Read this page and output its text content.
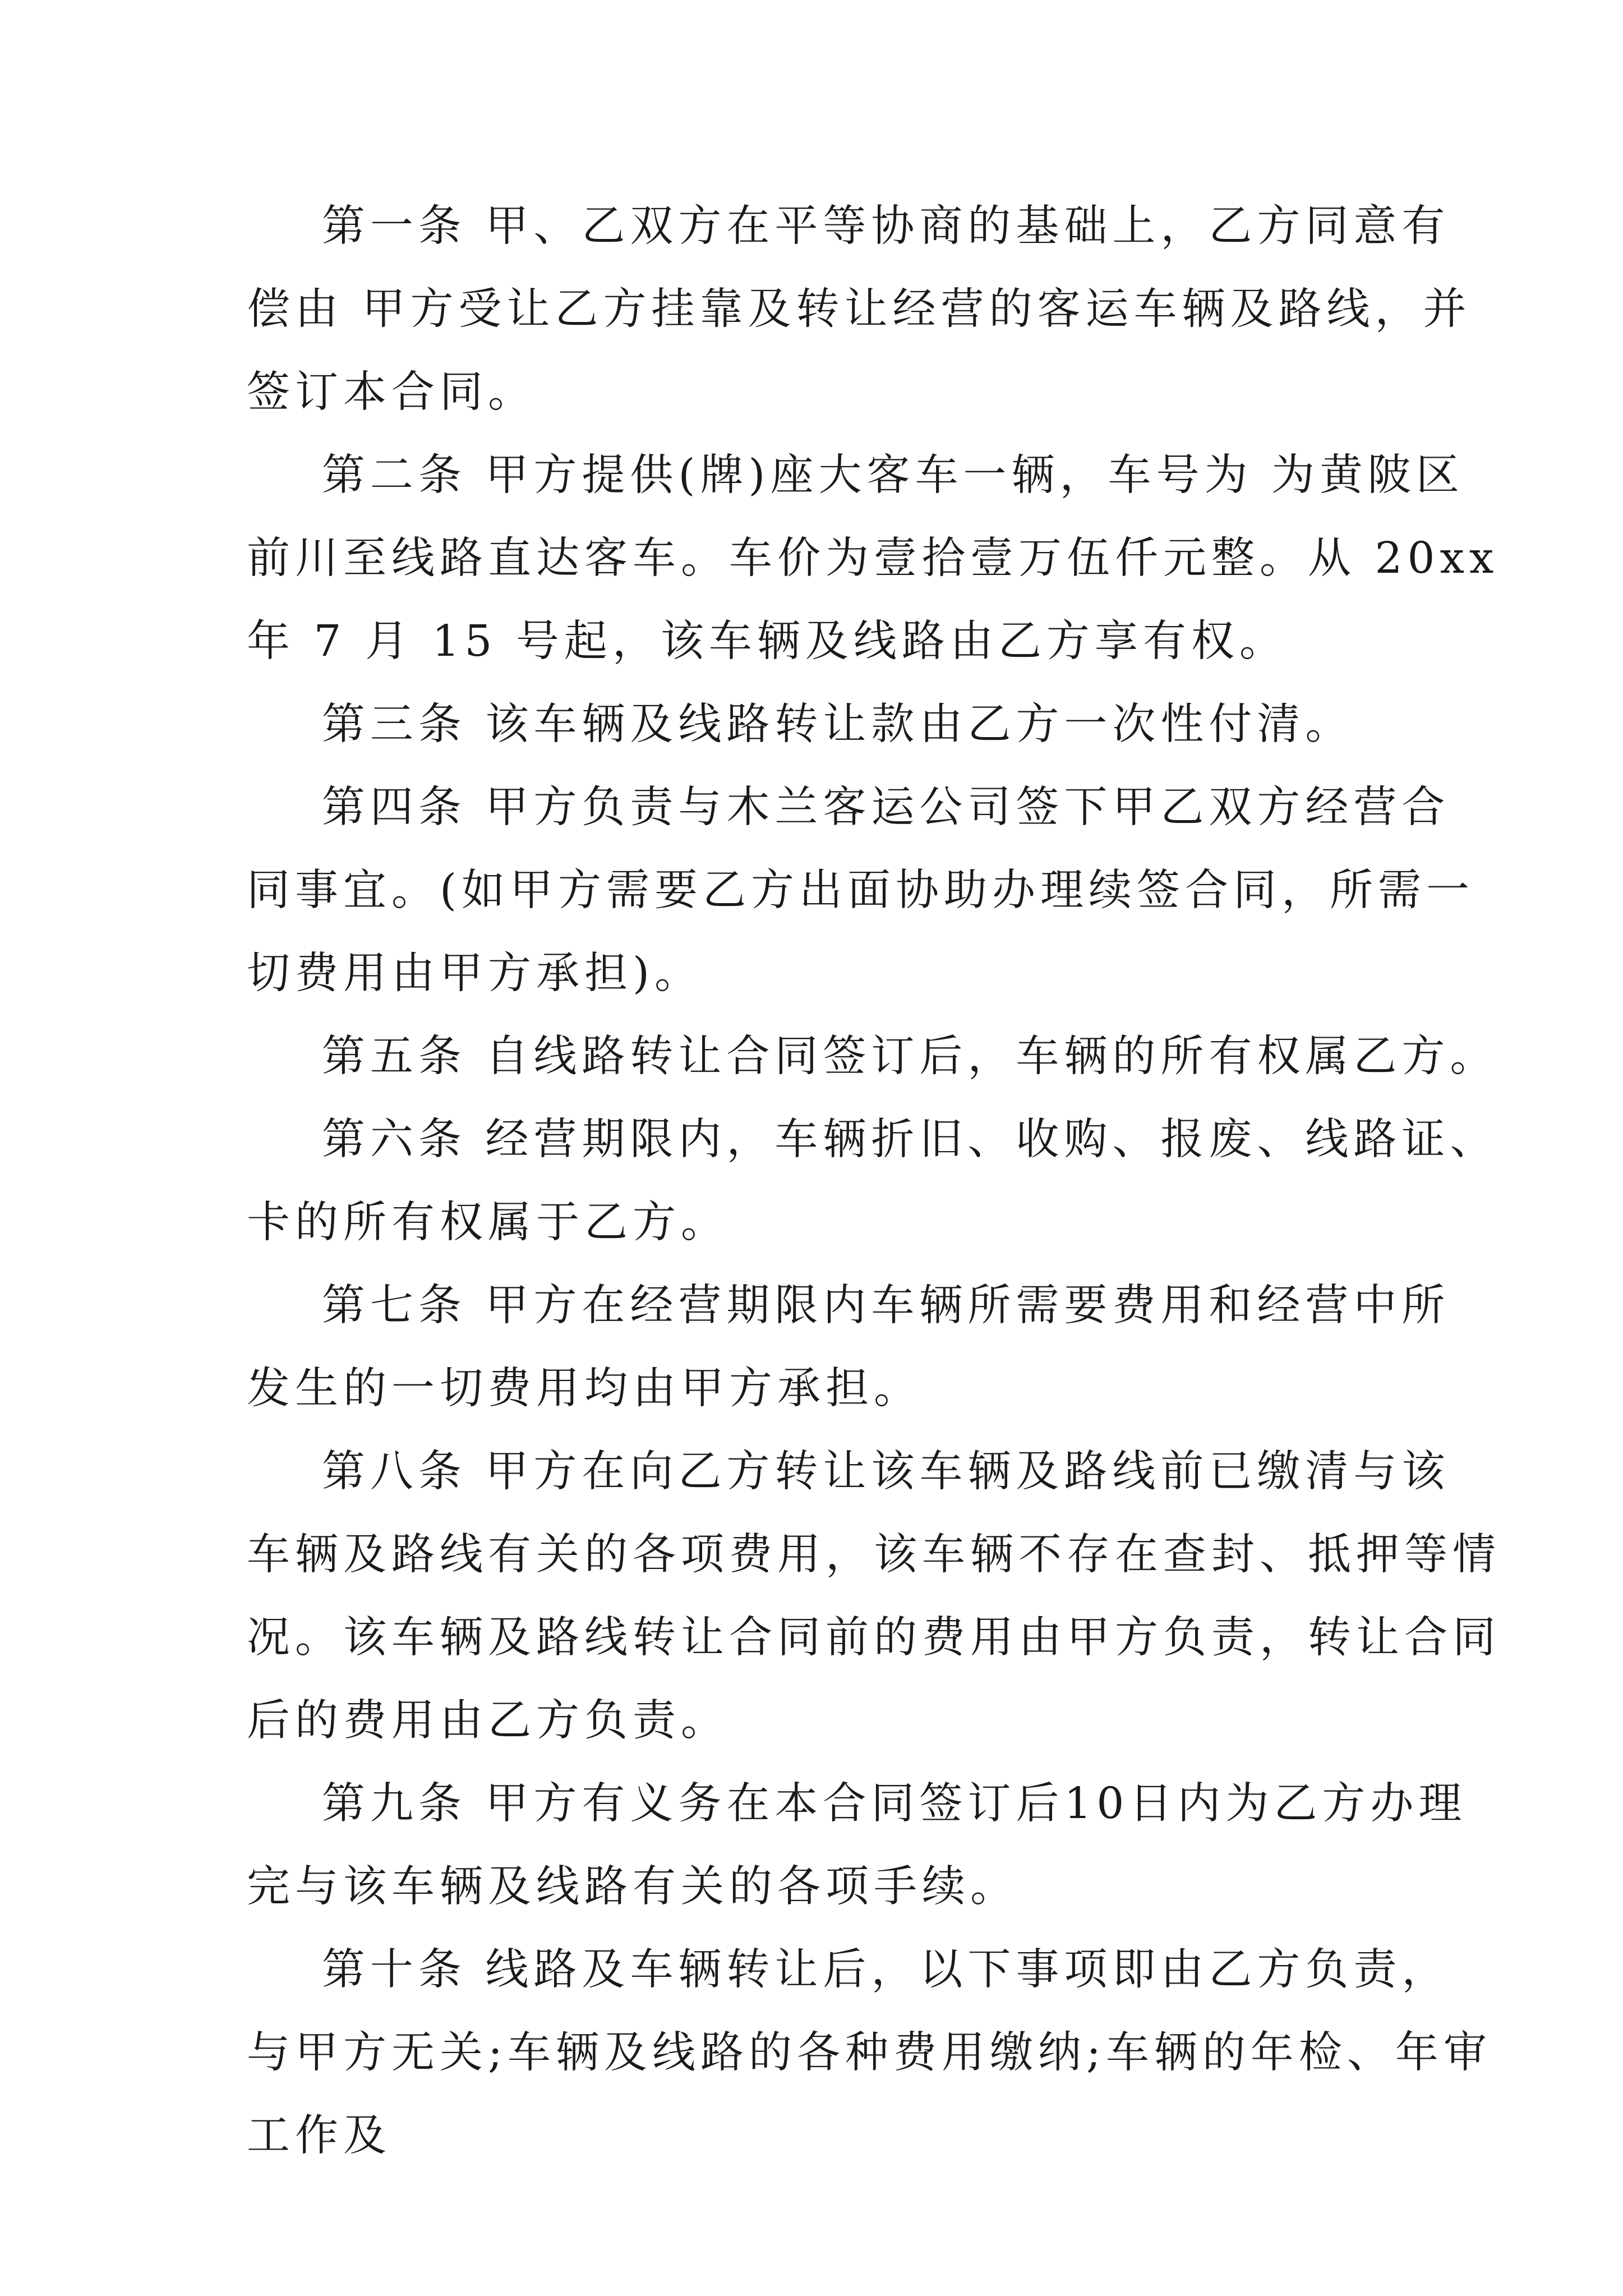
第一条 甲、乙双方在平等协商的基础上，乙方同意有
偿由 甲方受让乙方挂靠及转让经营的客运车辆及路线，并
签订本合同。
第二条 甲方提供(牌)座大客车一辆，车号为 为黄陂区
前川至线路直达客车。车价为壹拾壹万伍仟元整。从 20xx
年 7 月 15 号起，该车辆及线路由乙方享有权。
第三条 该车辆及线路转让款由乙方一次性付清。
第四条 甲方负责与木兰客运公司签下甲乙双方经营合
同事宜。(如甲方需要乙方出面协助办理续签合同，所需一
切费用由甲方承担)。
第五条 自线路转让合同签订后，车辆的所有权属乙方。
第六条 经营期限内，车辆折旧、收购、报废、线路证、
卡的所有权属于乙方。
第七条 甲方在经营期限内车辆所需要费用和经营中所
发生的一切费用均由甲方承担。
第八条 甲方在向乙方转让该车辆及路线前已缴清与该
车辆及路线有关的各项费用，该车辆不存在查封、抵押等情
况。该车辆及路线转让合同前的费用由甲方负责，转让合同
后的费用由乙方负责。
第九条 甲方有义务在本合同签订后10日内为乙方办理
完与该车辆及线路有关的各项手续。
第十条 线路及车辆转让后，以下事项即由乙方负责，
与甲方无关;车辆及线路的各种费用缴纳;车辆的年检、年审
工作及
